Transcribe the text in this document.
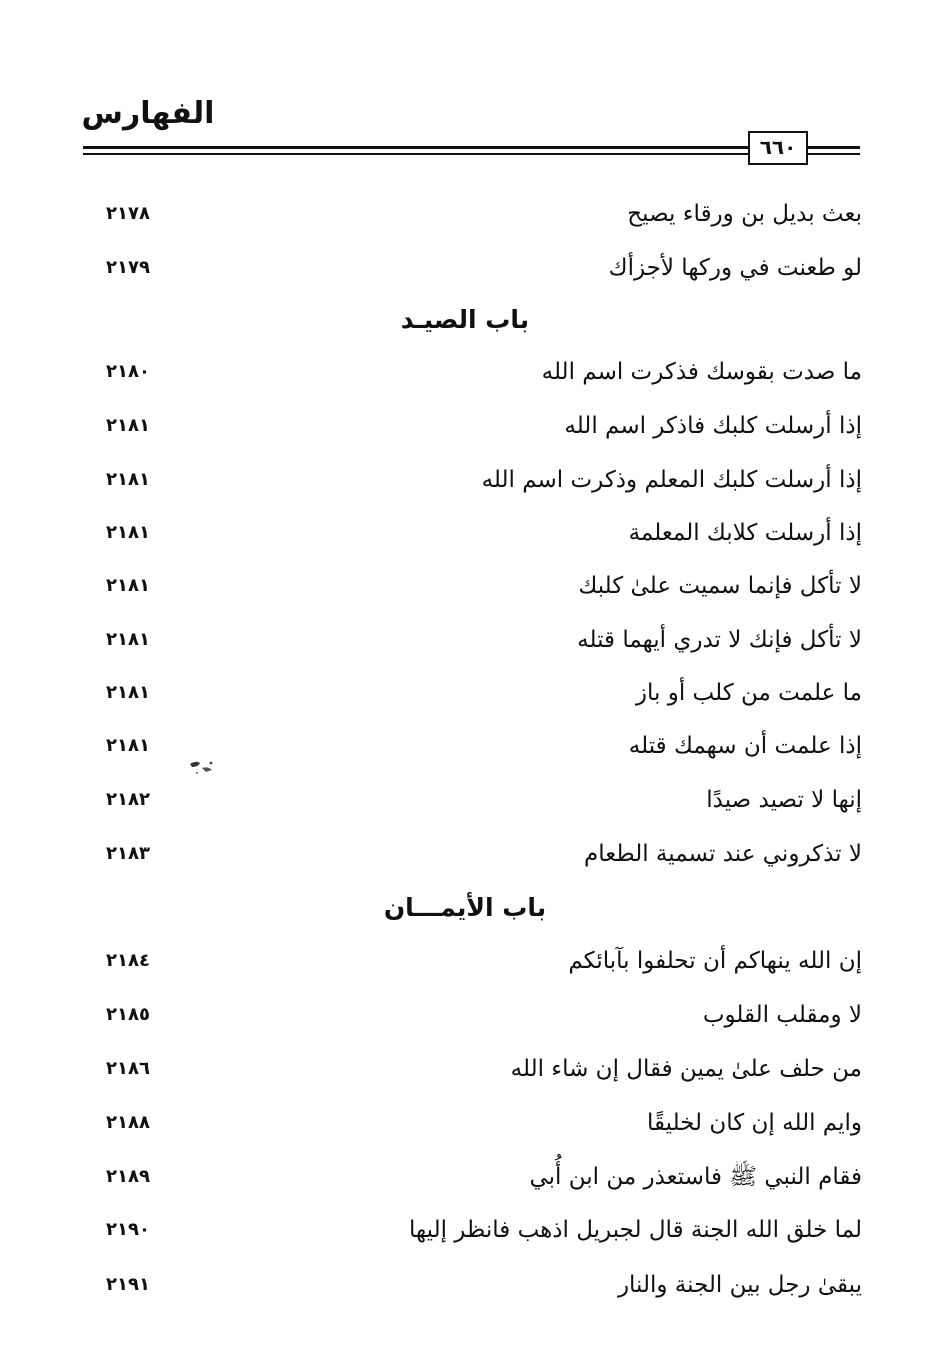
الفهارس
٦٦٠
بعث بديل بن ورقاء يصيح
٢١٧٨
لو طعنت في وركها لأجزأك
٢١٧٩
باب الصيـد
ما صدت بقوسك فذكرت اسم الله
٢١٨٠
إذا أرسلت كلبك فاذكر اسم الله
٢١٨١
إذا أرسلت كلبك المعلم وذكرت اسم الله
٢١٨١
إذا أرسلت كلابك المعلمة
٢١٨١
لا تأكل فإنما سميت علىٰ كلبك
٢١٨١
لا تأكل فإنك لا تدري أيهما قتله
٢١٨١
ما علمت من كلب أو باز
٢١٨١
إذا علمت أن سهمك قتله
٢١٨١
إنها لا تصيد صيدًا
٢١٨٢
لا تذكروني عند تسمية الطعام
٢١٨٣
باب الأيمـــان
إن الله ينهاكم أن تحلفوا بآبائكم
٢١٨٤
لا ومقلب القلوب
٢١٨٥
من حلف علىٰ يمين فقال إن شاء الله
٢١٨٦
وايم الله إن كان لخليقًا
٢١٨٨
فقام النبي ﷺ فاستعذر من ابن أُبي
٢١٨٩
لما خلق الله الجنة قال لجبريل اذهب فانظر إليها
٢١٩٠
يبقىٰ رجل بين الجنة والنار
٢١٩١
